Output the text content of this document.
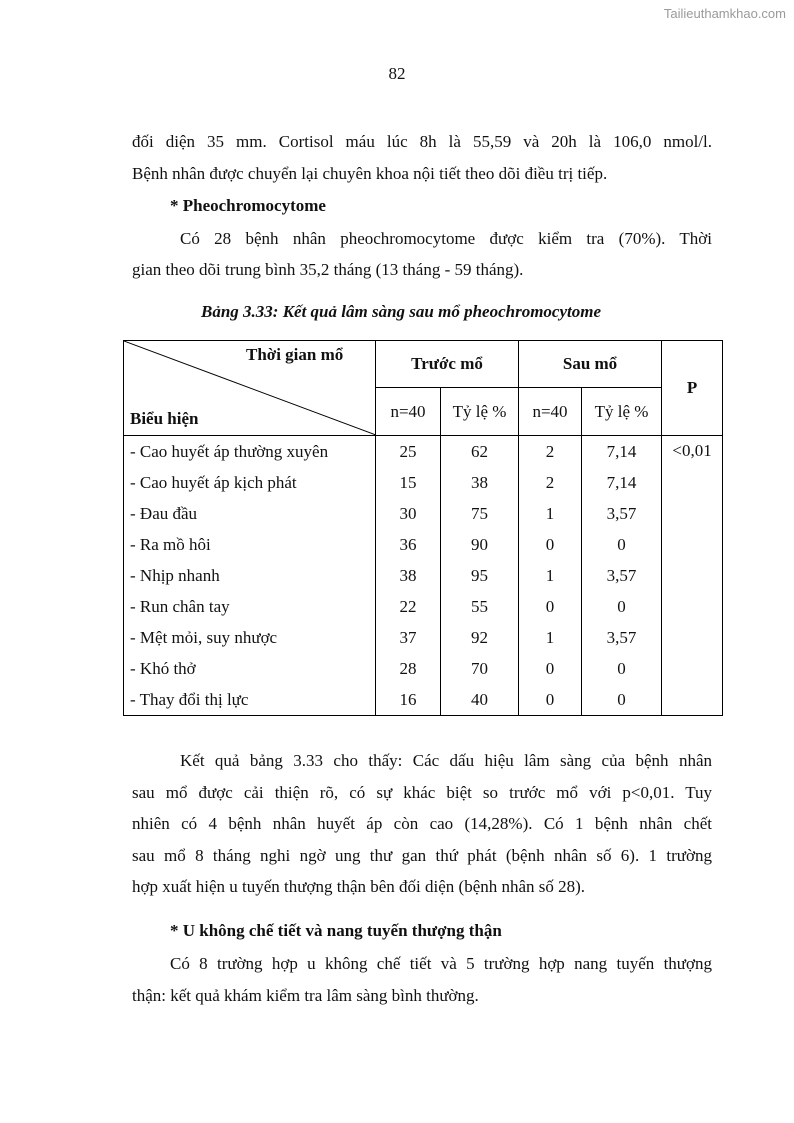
Tailieuthamkhao.com
82
đối diện 35 mm. Cortisol máu lúc 8h là 55,59 và 20h là 106,0 nmol/l.
Bệnh nhân được chuyển lại chuyên khoa nội tiết theo dõi điều trị tiếp.
* Pheochromocytome
Có 28 bệnh nhân pheochromocytome được kiểm tra (70%). Thời
gian theo dõi trung bình 35,2 tháng (13 tháng - 59 tháng).
Bảng 3.33: Kết quả lâm sàng sau mổ pheochromocytome
Thời gian mổ
Biểu hiện	Trước mổ		Sau mổ		P
	n=40	Tỷ lệ %	n=40	Tỷ lệ %	
- Cao huyết áp thường xuyên	25	62	2	7,14	<0,01
- Cao huyết áp kịch phát	15	38	2	7,14	
- Đau đầu	30	75	1	3,57	
- Ra mồ hôi	36	90	0	0	
- Nhịp nhanh	38	95	1	3,57	
- Run chân tay	22	55	0	0	
- Mệt mỏi, suy nhược	37	92	1	3,57	
- Khó thở	28	70	0	0	
- Thay đổi thị lực	16	40	0	0	
Kết quả bảng 3.33 cho thấy: Các dấu hiệu lâm sàng của bệnh nhân
sau mổ được cải thiện rõ, có sự khác biệt so trước mổ với p<0,01. Tuy
nhiên có 4 bệnh nhân huyết áp còn cao (14,28%). Có 1 bệnh nhân chết
sau mổ 8 tháng nghi ngờ ung thư gan thứ phát (bệnh nhân số 6). 1 trường
hợp xuất hiện u tuyến thượng thận bên đối diện (bệnh nhân số 28).
* U không chế tiết và nang tuyến thượng thận
Có 8 trường hợp u không chế tiết và 5 trường hợp nang tuyến thượng
thận: kết quả khám kiểm tra lâm sàng bình thường.
